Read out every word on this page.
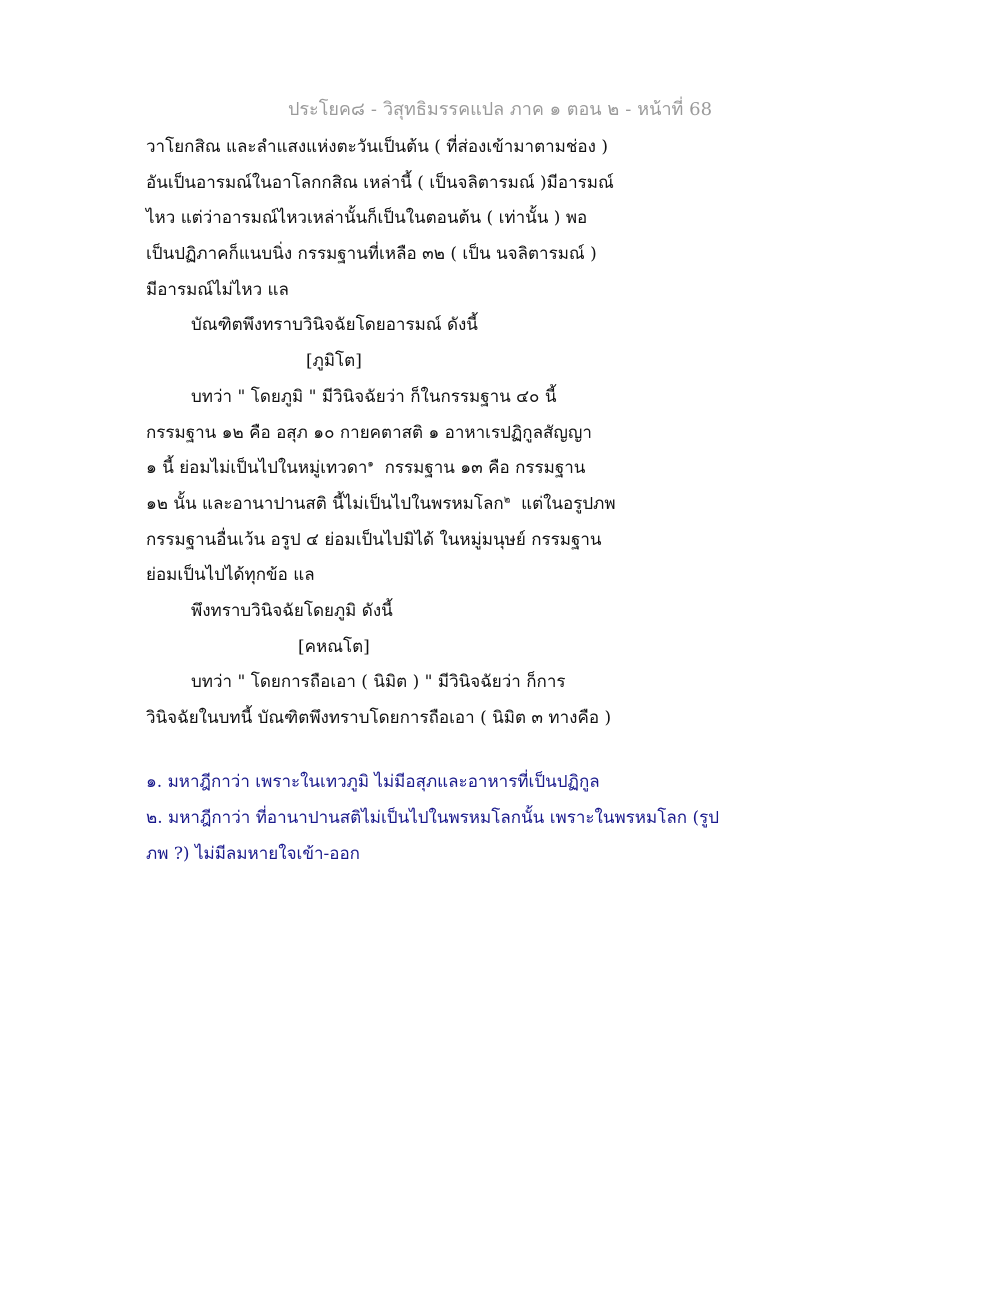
ประโยค๘ - วิสุทธิมรรคแปล ภาค ๑ ตอน ๒ - หน้าที่ 68
วาโยกสิณ และลำแสงแห่งตะวันเป็นต้น ( ที่ส่องเข้ามาตามช่อง )
อันเป็นอารมณ์ในอาโลกกสิณ เหล่านี้ ( เป็นจลิตารมณ์ )มีอารมณ์
ไหว แต่ว่าอารมณ์ไหวเหล่านั้นก็เป็นในตอนต้น ( เท่านั้น ) พอ
เป็นปฏิภาคก็แนบนิ่ง กรรมฐานที่เหลือ ๓๒ ( เป็น นจลิตารมณ์ )
มีอารมณ์ไม่ไหว แล
บัณฑิตพึงทราบวินิจฉัยโดยอารมณ์ ดังนี้
[ภูมิโต]
บทว่า " โดยภูมิ " มีวินิจฉัยว่า ก็ในกรรมฐาน ๔๐ นี้
กรรมฐาน ๑๒ คือ อสุภ ๑๐ กายคตาสติ ๑ อาหาเรปฏิกูลสัญญา
๑ นี้ ย่อมไม่เป็นไปในหมู่เทวดา$^๑$ กรรมฐาน ๑๓ คือ กรรมฐาน
๑๒ นั้น และอานาปานสติ นี้ไม่เป็นไปในพรหมโลก$^๒$ แต่ในอรูปภพ
กรรมฐานอื่นเว้น อรูป ๔ ย่อมเป็นไปมิได้ ในหมู่มนุษย์ กรรมฐาน
ย่อมเป็นไปได้ทุกข้อ แล
พึงทราบวินิจฉัยโดยภูมิ ดังนี้
[คหณโต]
บทว่า " โดยการถือเอา ( นิมิต ) " มีวินิจฉัยว่า ก็การ
วินิจฉัยในบทนี้ บัณฑิตพึงทราบโดยการถือเอา ( นิมิต ๓ ทางคือ )
๑. มหาฎีกาว่า เพราะในเทวภูมิ ไม่มีอสุภและอาหารที่เป็นปฏิกูล
๒. มหาฎีกาว่า ที่อานาปานสติไม่เป็นไปในพรหมโลกนั้น เพราะในพรหมโลก (รูป
ภพ ?) ไม่มีลมหายใจเข้า-ออก
